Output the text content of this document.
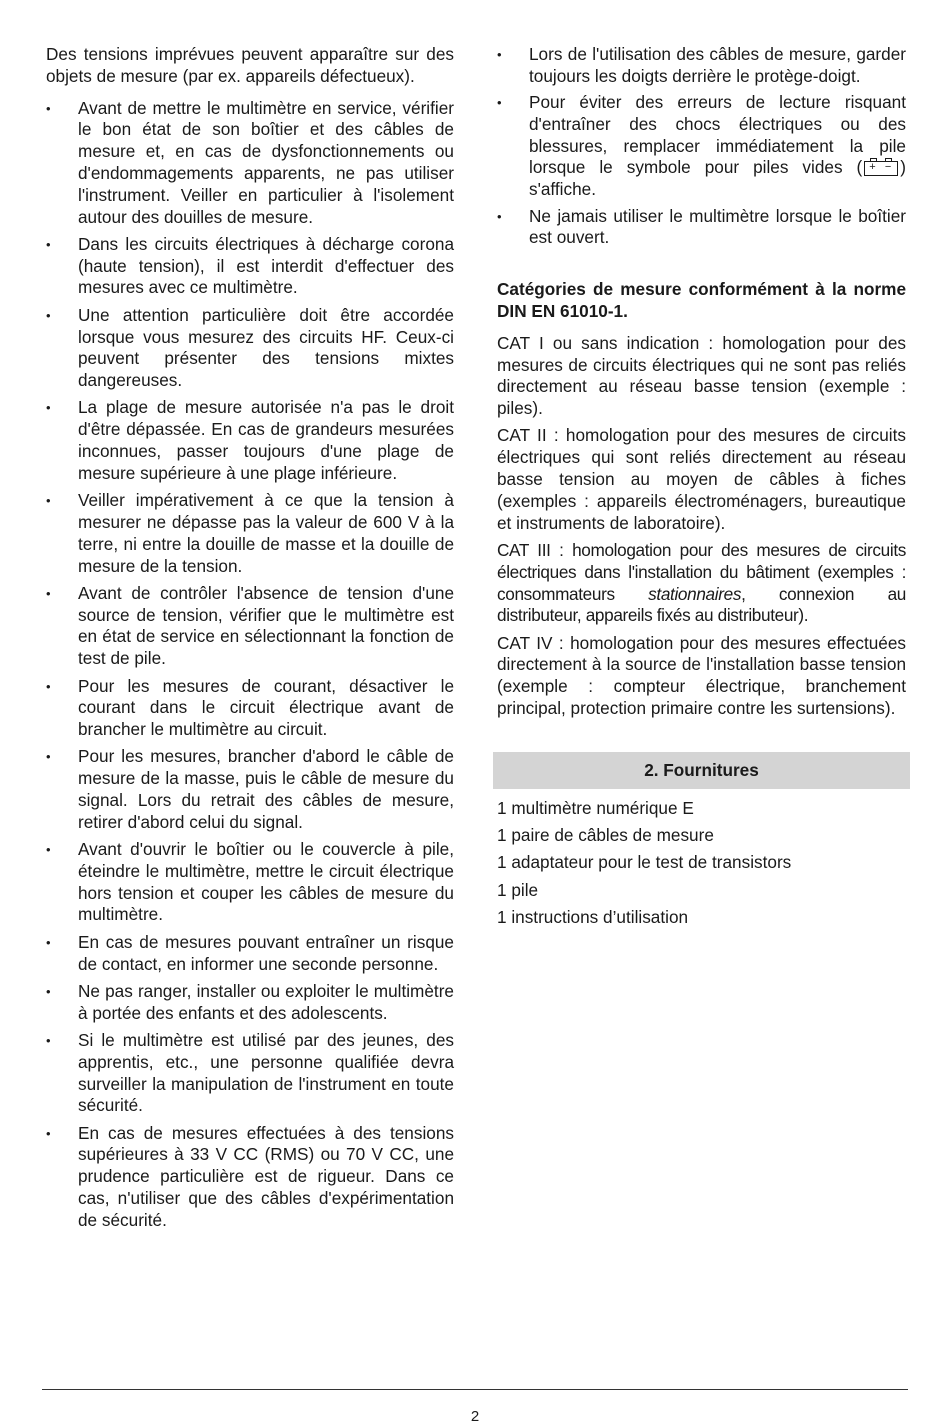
Des tensions imprévues peuvent apparaître sur des objets de mesure (par ex. appareils défectueux).

• Avant de mettre le multimètre en service, vérifier le bon état de son boîtier et des câbles de mesure et, en cas de dysfonctionnements ou d'endommagements apparents, ne pas utiliser l'instrument. Veiller en particulier à l'isolement autour des douilles de mesure.
• Dans les circuits électriques à décharge corona (haute tension), il est interdit d'effectuer des mesures avec ce multimètre.
• Une attention particulière doit être accordée lorsque vous mesurez des circuits HF. Ceux-ci peuvent présenter des tensions mixtes dangereuses.
• La plage de mesure autorisée n'a pas le droit d'être dépassée. En cas de grandeurs mesurées inconnues, passer toujours d'une plage de mesure supérieure à une plage inférieure.
• Veiller impérativement à ce que la tension à mesurer ne dépasse pas la valeur de 600 V à la terre, ni entre la douille de masse et la douille de mesure de la tension.
• Avant de contrôler l'absence de tension d'une source de tension, vérifier que le multimètre est en état de service en sélectionnant la fonction de test de pile.
• Pour les mesures de courant, désactiver le courant dans le circuit électrique avant de brancher le multimètre au circuit.
• Pour les mesures, brancher d'abord le câble de mesure de la masse, puis le câble de mesure du signal. Lors du retrait des câbles de mesure, retirer d'abord celui du signal.
• Avant d'ouvrir le boîtier ou le couvercle à pile, éteindre le multimètre, mettre le circuit électrique hors tension et couper les câbles de mesure du multimètre.
• En cas de mesures pouvant entraîner un risque de contact, en informer une seconde personne.
• Ne pas ranger, installer ou exploiter le multimètre à portée des enfants et des adolescents.
• Si le multimètre est utilisé par des jeunes, des apprentis, etc., une personne qualifiée devra surveiller la manipulation de l'instrument en toute sécurité.
• En cas de mesures effectuées à des tensions supérieures à 33 V CC (RMS) ou 70 V CC, une prudence particulière est de rigueur. Dans ce cas, n'utiliser que des câbles d'expérimentation de sécurité.
• Lors de l'utilisation des câbles de mesure, garder toujours les doigts derrière le protège-doigt.
• Pour éviter des erreurs de lecture risquant d'entraîner des chocs électriques ou des blessures, remplacer immédiatement la pile lorsque le symbole pour piles vides ( + − ) s'affiche.
• Ne jamais utiliser le multimètre lorsque le boîtier est ouvert.

Catégories de mesure conformément à la norme DIN EN 61010-1.

CAT I ou sans indication : homologation pour des mesures de circuits électriques qui ne sont pas reliés directement au réseau basse tension (exemple : piles).

CAT II : homologation pour des mesures de circuits électriques qui sont reliés directement au réseau basse tension au moyen de câbles à fiches (exemples : appareils électroménagers, bureautique et instruments de laboratoire).

CAT III : homologation pour des mesures de circuits électriques dans l'installation du bâtiment (exemples : consommateurs stationnaires, connexion au distributeur, appareils fixés au distributeur).

CAT IV : homologation pour des mesures effectuées directement à la source de l'installation basse tension (exemple : compteur électrique, branchement principal, protection primaire contre les surtensions).

2. Fournitures
1 multimètre numérique E
1 paire de câbles de mesure
1 adaptateur pour le test de transistors
1 pile
1 instructions d’utilisation
2
